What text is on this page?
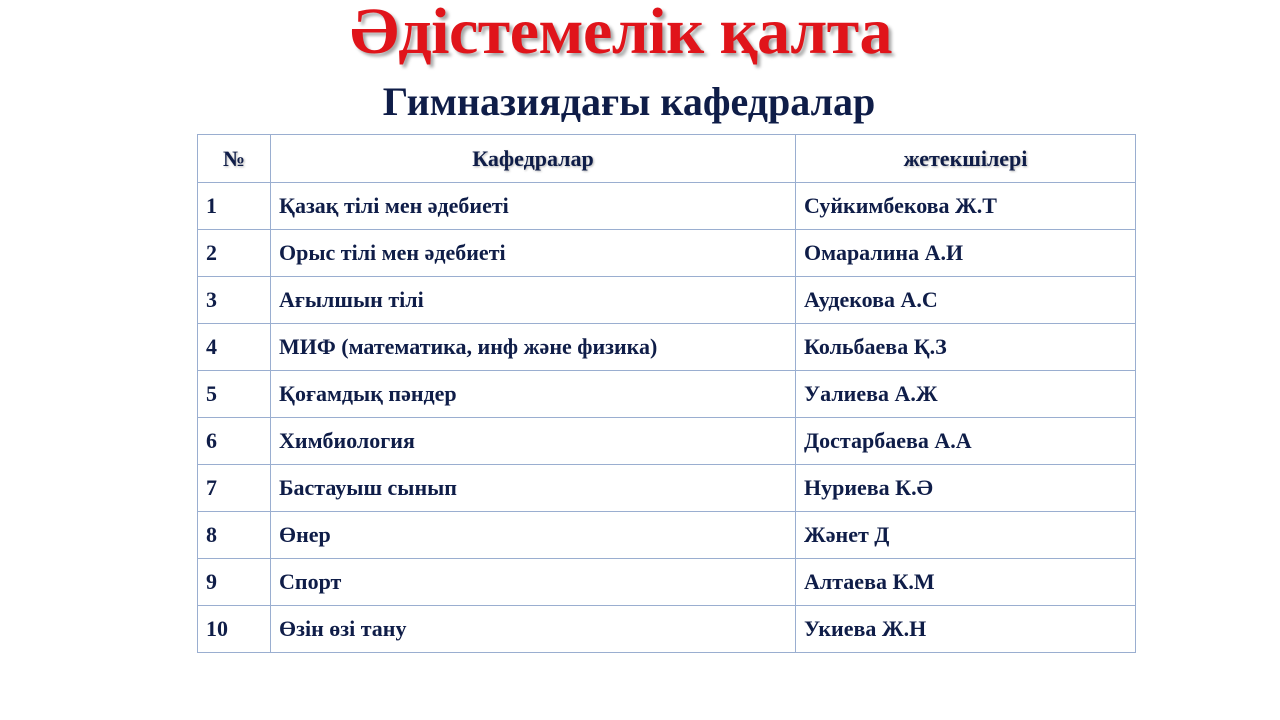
Әдістемелік қалта
Гимназиядағы кафедралар
№	Кафедралар	жетекшілері
1	Қазақ тілі мен әдебиеті	Суйкимбекова Ж.Т
2	Орыс тілі мен әдебиеті	Омаралина А.И
3	Ағылшын тілі	Аудекова А.С
4	МИФ (математика, инф және физика)	Кольбаева Қ.З
5	Қоғамдық пәндер	Уалиева А.Ж
6	Химбиология	Достарбаева А.А
7	Бастауыш сынып	Нуриева К.Ә
8	Өнер	Жәнет Д
9	Спорт	Алтаева К.М
10	Өзін өзі тану	Укиева Ж.Н
